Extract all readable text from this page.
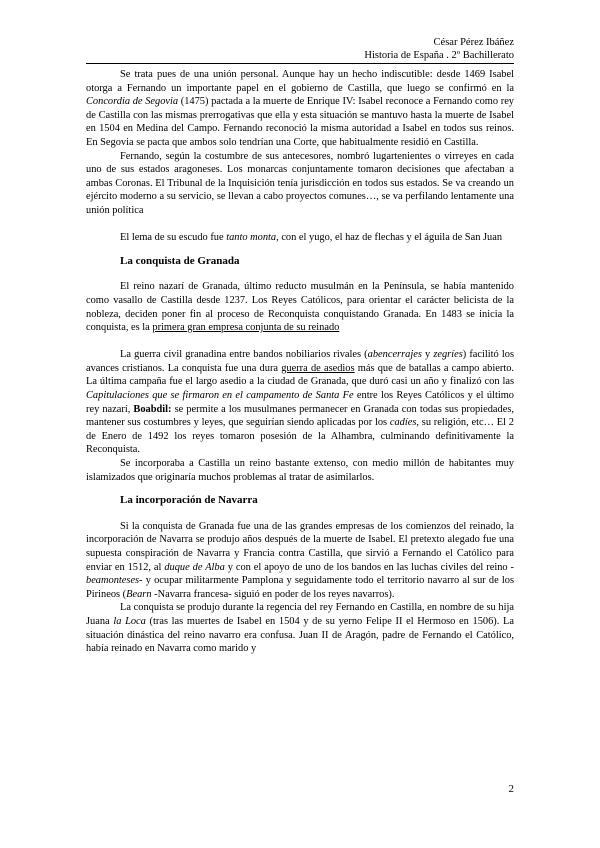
César Pérez Ibáñez
Historia de España . 2º Bachillerato

Se trata pues de una unión personal. Aunque hay un hecho indiscutible: desde 1469 Isabel otorga a Fernando un importante papel en el gobierno de Castilla, que luego se confirmó en la Concordia de Segovia (1475) pactada a la muerte de Enrique IV: Isabel reconoce a Fernando como rey de Castilla con las mismas prerrogativas que ella y esta situación se mantuvo hasta la muerte de Isabel en 1504 en Medina del Campo. Fernando reconoció la misma autoridad a Isabel en todos sus reinos. En Segovia se pacta que ambos solo tendrían una Corte, que habitualmente residió en Castilla.

Fernando, según la costumbre de sus antecesores, nombró lugartenientes o virreyes en cada uno de sus estados aragoneses. Los monarcas conjuntamente tomaron decisiones que afectaban a ambas Coronas. El Tribunal de la Inquisición tenía jurisdicción en todos sus estados. Se va creando un ejército moderno a su servicio, se llevan a cabo proyectos comunes…, se va perfilando lentamente una unión política

El lema de su escudo fue tanto monta, con el yugo, el haz de flechas y el águila de San Juan

La conquista de Granada

El reino nazarí de Granada, último reducto musulmán en la Península, se había mantenido como vasallo de Castilla desde 1237. Los Reyes Católicos, para orientar el carácter belicista de la nobleza, deciden poner fin al proceso de Reconquista conquistando Granada. En 1483 se inicia la conquista, es la primera gran empresa conjunta de su reinado

La guerra civil granadina entre bandos nobiliarios rivales (abencerrajes y zegríes) facilitó los avances cristianos. La conquista fue una dura guerra de asedios más que de batallas a campo abierto. La última campaña fue el largo asedio a la ciudad de Granada, que duró casi un año y finalizó con las Capitulaciones que se firmaron en el campamento de Santa Fe entre los Reyes Católicos y el último rey nazarí, Boabdil: se permite a los musulmanes permanecer en Granada con todas sus propiedades, mantener sus costumbres y leyes, que seguirían siendo aplicadas por los cadíes, su religión, etc… El 2 de Enero de 1492 los reyes tomaron posesión de la Alhambra, culminando definitivamente la Reconquista.

Se incorporaba a Castilla un reino bastante extenso, con medio millón de habitantes muy islamizados que originaría muchos problemas al tratar de asimilarlos.

La incorporación de Navarra

Si la conquista de Granada fue una de las grandes empresas de los comienzos del reinado, la incorporación de Navarra se produjo años después de la muerte de Isabel. El pretexto alegado fue una supuesta conspiración de Navarra y Francia contra Castilla, que sirvió a Fernando el Católico para enviar en 1512, al duque de Alba y con el apoyo de uno de los bandos en las luchas civiles del reino -beamonteses- y ocupar militarmente Pamplona y seguidamente todo el territorio navarro al sur de los Pirineos (Bearn -Navarra francesa- siguió en poder de los reyes navarros).

La conquista se produjo durante la regencia del rey Fernando en Castilla, en nombre de su hija Juana la Loca (tras las muertes de Isabel en 1504 y de su yerno Felipe II el Hermoso en 1506). La situación dinástica del reino navarro era confusa. Juan II de Aragón, padre de Fernando el Católico, había reinado en Navarra como marido y

2
